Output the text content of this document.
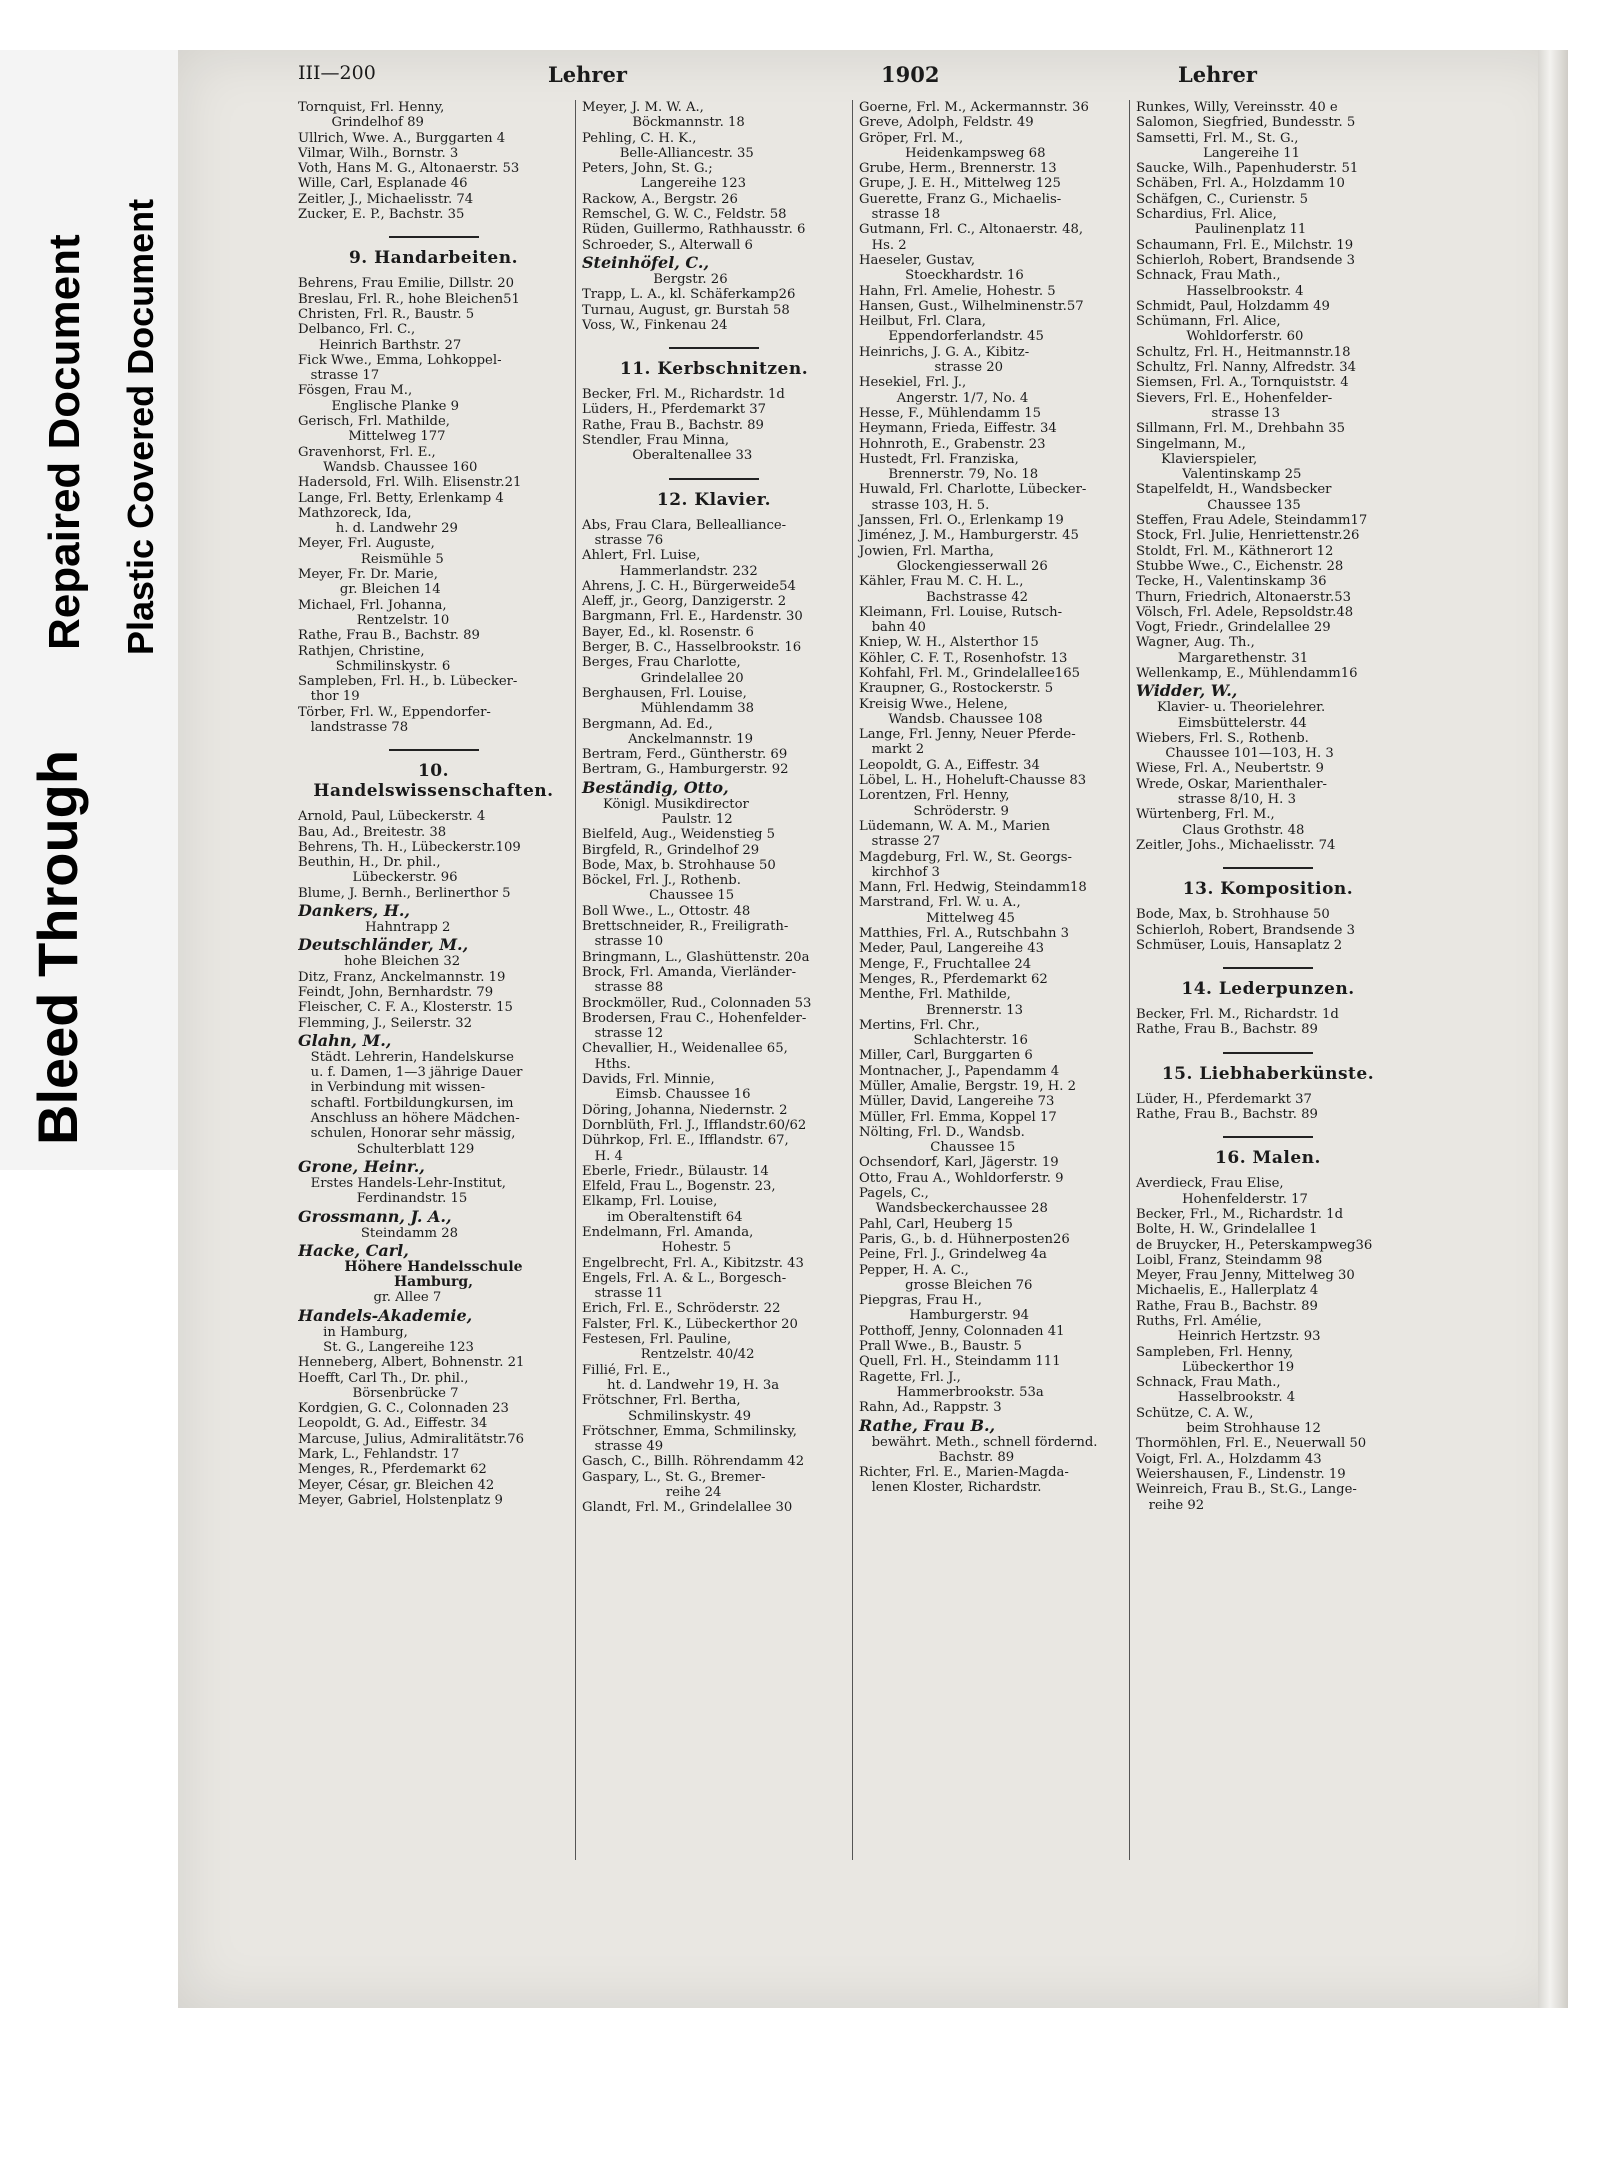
Bleed Through
Repaired Document Plastic Covered Document
III—200	Lehrer	1902	Lehrer
Tornquist, Frl. Henny,
Grindelhof 89
Ullrich, Wwe. A., Burggarten 4
Vilmar, Wilh., Bornstr. 3
Voth, Hans M. G., Altonaerstr. 53
Wille, Carl, Esplanade 46
Zeitler, J., Michaelisstr. 74
Zucker, E. P., Bachstr. 35
9. Handarbeiten.
Behrens, Frau Emilie, Dillstr. 20
Breslau, Frl. R., hohe Bleichen51
Christen, Frl. R., Baustr. 5
Delbanco, Frl. C.,
Heinrich Barthstr. 27
Fick Wwe., Emma, Lohkoppel-
strasse 17
Fösgen, Frau M.,
Englische Planke 9
Gerisch, Frl. Mathilde,
Mittelweg 177
Gravenhorst, Frl. E.,
Wandsb. Chaussee 160
Hadersold, Frl. Wilh. Elisenstr.21
Lange, Frl. Betty, Erlenkamp 4
Mathzoreck, Ida,
h. d. Landwehr 29
Meyer, Frl. Auguste,
Reismühle 5
Meyer, Fr. Dr. Marie,
gr. Bleichen 14
Michael, Frl. Johanna,
Rentzelstr. 10
Rathe, Frau B., Bachstr. 89
Rathjen, Christine,
Schmilinskystr. 6
Sampleben, Frl. H., b. Lübecker-
thor 19
Törber, Frl. W., Eppendorfer-
landstrasse 78
10. Handelswissenschaften.
Arnold, Paul, Lübeckerstr. 4
Bau, Ad., Breitestr. 38
Behrens, Th. H., Lübeckerstr.109
Beuthin, H., Dr. phil.,
Lübeckerstr. 96
Blume, J. Bernh., Berlinerthor 5
Dankers, H.,
Hahntrapp 2
Deutschländer, M.,
hohe Bleichen 32
Ditz, Franz, Anckelmannstr. 19
Feindt, John, Bernhardstr. 79
Fleischer, C. F. A., Klosterstr. 15
Flemming, J., Seilerstr. 32
Glahn, M.,
Städt. Lehrerin, Handelskurse
u. f. Damen, 1—3 jährige Dauer
in Verbindung mit wissen-
schaftl. Fortbildungkursen, im
Anschluss an höhere Mädchen-
schulen, Honorar sehr mässig,
Schulterblatt 129
Grone, Heinr.,
Erstes Handels-Lehr-Institut,
Ferdinandstr. 15
Grossmann, J. A.,
Steindamm 28
Hacke, Carl,
Höhere Handelsschule
Hamburg,
gr. Allee 7
Handels-Akademie,
in Hamburg,
St. G., Langereihe 123
Henneberg, Albert, Bohnenstr. 21
Hoefft, Carl Th., Dr. phil.,
Börsenbrücke 7
Kordgien, G. C., Colonnaden 23
Leopoldt, G. Ad., Eiffestr. 34
Marcuse, Julius, Admiralitätstr.76
Mark, L., Fehlandstr. 17
Menges, R., Pferdemarkt 62
Meyer, César, gr. Bleichen 42
Meyer, Gabriel, Holstenplatz 9
Meyer, J. M. W. A.,
Böckmannstr. 18
Pehling, C. H. K.,
Belle-Alliancestr. 35
Peters, John, St. G.;
Langereihe 123
Rackow, A., Bergstr. 26
Remschel, G. W. C., Feldstr. 58
Rüden, Guillermo, Rathhausstr. 6
Schroeder, S., Alterwall 6
Steinhöfel, C.,
Bergstr. 26
Trapp, L. A., kl. Schäferkamp26
Turnau, August, gr. Burstah 58
Voss, W., Finkenau 24
11. Kerbschnitzen.
Becker, Frl. M., Richardstr. 1d
Lüders, H., Pferdemarkt 37
Rathe, Frau B., Bachstr. 89
Stendler, Frau Minna,
Oberaltenallee 33
12. Klavier.
Abs, Frau Clara, Bellealliance-
strasse 76
Ahlert, Frl. Luise,
Hammerlandstr. 232
Ahrens, J. C. H., Bürgerweide54
Aleff, jr., Georg, Danzigerstr. 2
Bargmann, Frl. E., Hardenstr. 30
Bayer, Ed., kl. Rosenstr. 6
Berger, B. C., Hasselbrookstr. 16
Berges, Frau Charlotte,
Grindelallee 20
Berghausen, Frl. Louise,
Mühlendamm 38
Bergmann, Ad. Ed.,
Anckelmannstr. 19
Bertram, Ferd., Güntherstr. 69
Bertram, G., Hamburgerstr. 92
Beständig, Otto,
Königl. Musikdirector
Paulstr. 12
Bielfeld, Aug., Weidenstieg 5
Birgfeld, R., Grindelhof 29
Bode, Max, b. Strohhause 50
Böckel, Frl. J., Rothenb.
Chaussee 15
Boll Wwe., L., Ottostr. 48
Brettschneider, R., Freiligrath-
strasse 10
Bringmann, L., Glashüttenstr. 20a
Brock, Frl. Amanda, Vierländer-
strasse 88
Brockmöller, Rud., Colonnaden 53
Brodersen, Frau C., Hohenfelder-
strasse 12
Chevallier, H., Weidenallee 65,
Hths.
Davids, Frl. Minnie,
Eimsb. Chaussee 16
Döring, Johanna, Niedernstr. 2
Dornblüth, Frl. J., Ifflandstr.60/62
Dührkop, Frl. E., Ifflandstr. 67,
H. 4
Eberle, Friedr., Bülaustr. 14
Elfeld, Frau L., Bogenstr. 23,
Elkamp, Frl. Louise,
im Oberaltenstift 64
Endelmann, Frl. Amanda,
Hohestr. 5
Engelbrecht, Frl. A., Kibitzstr. 43
Engels, Frl. A. & L., Borgesch-
strasse 11
Erich, Frl. E., Schröderstr. 22
Falster, Frl. K., Lübeckerthor 20
Festesen, Frl. Pauline,
Rentzelstr. 40/42
Fillié, Frl. E.,
ht. d. Landwehr 19, H. 3a
Frötschner, Frl. Bertha,
Schmilinskystr. 49
Frötschner, Emma, Schmilinsky,
strasse 49
Gasch, C., Billh. Röhrendamm 42
Gaspary, L., St. G., Bremer-
reihe 24
Glandt, Frl. M., Grindelallee 30
Goerne, Frl. M., Ackermannstr. 36
Greve, Adolph, Feldstr. 49
Gröper, Frl. M.,
Heidenkampsweg 68
Grube, Herm., Brennerstr. 13
Grupe, J. E. H., Mittelweg 125
Guerette, Franz G., Michaelis-
strasse 18
Gutmann, Frl. C., Altonaerstr. 48,
Hs. 2
Haeseler, Gustav,
Stoeckhardstr. 16
Hahn, Frl. Amelie, Hohestr. 5
Hansen, Gust., Wilhelminenstr.57
Heilbut, Frl. Clara,
Eppendorferlandstr. 45
Heinrichs, J. G. A., Kibitz-
strasse 20
Hesekiel, Frl. J.,
Angerstr. 1/7, No. 4
Hesse, F., Mühlendamm 15
Heymann, Frieda, Eiffestr. 34
Hohnroth, E., Grabenstr. 23
Hustedt, Frl. Franziska,
Brennerstr. 79, No. 18
Huwald, Frl. Charlotte, Lübecker-
strasse 103, H. 5.
Janssen, Frl. O., Erlenkamp 19
Jiménez, J. M., Hamburgerstr. 45
Jowien, Frl. Martha,
Glockengiesserwall 26
Kähler, Frau M. C. H. L.,
Bachstrasse 42
Kleimann, Frl. Louise, Rutsch-
bahn 40
Kniep, W. H., Alsterthor 15
Köhler, C. F. T., Rosenhofstr. 13
Kohfahl, Frl. M., Grindelallee165
Kraupner, G., Rostockerstr. 5
Kreisig Wwe., Helene,
Wandsb. Chaussee 108
Lange, Frl. Jenny, Neuer Pferde-
markt 2
Leopoldt, G. A., Eiffestr. 34
Löbel, L. H., Hoheluft-Chausse 83
Lorentzen, Frl. Henny,
Schröderstr. 9
Lüdemann, W. A. M., Marien
strasse 27
Magdeburg, Frl. W., St. Georgs-
kirchhof 3
Mann, Frl. Hedwig, Steindamm18
Marstrand, Frl. W. u. A.,
Mittelweg 45
Matthies, Frl. A., Rutschbahn 3
Meder, Paul, Langereihe 43
Menge, F., Fruchtallee 24
Menges, R., Pferdemarkt 62
Menthe, Frl. Mathilde,
Brennerstr. 13
Mertins, Frl. Chr.,
Schlachterstr. 16
Miller, Carl, Burggarten 6
Montnacher, J., Papendamm 4
Müller, Amalie, Bergstr. 19, H. 2
Müller, David, Langereihe 73
Müller, Frl. Emma, Koppel 17
Nölting, Frl. D., Wandsb.
Chaussee 15
Ochsendorf, Karl, Jägerstr. 19
Otto, Frau A., Wohldorferstr. 9
Pagels, C.,
Wandsbeckerchaussee 28
Pahl, Carl, Heuberg 15
Paris, G., b. d. Hühnerposten26
Peine, Frl. J., Grindelweg 4a
Pepper, H. A. C.,
grosse Bleichen 76
Piepgras, Frau H.,
Hamburgerstr. 94
Potthoff, Jenny, Colonnaden 41
Prall Wwe., B., Baustr. 5
Quell, Frl. H., Steindamm 111
Ragette, Frl. J.,
Hammerbrookstr. 53a
Rahn, Ad., Rappstr. 3
Rathe, Frau B.,
bewährt. Meth., schnell fördernd.
Bachstr. 89
Richter, Frl. E., Marien-Magda-
lenen Kloster, Richardstr.
Runkes, Willy, Vereinsstr. 40 e
Salomon, Siegfried, Bundesstr. 5
Samsetti, Frl. M., St. G.,
Langereihe 11
Saucke, Wilh., Papenhuderstr. 51
Schäben, Frl. A., Holzdamm 10
Schäfgen, C., Curienstr. 5
Schardius, Frl. Alice,
Paulinenplatz 11
Schaumann, Frl. E., Milchstr. 19
Schierloh, Robert, Brandsende 3
Schnack, Frau Math.,
Hasselbrookstr. 4
Schmidt, Paul, Holzdamm 49
Schümann, Frl. Alice,
Wohldorferstr. 60
Schultz, Frl. H., Heitmannstr.18
Schultz, Frl. Nanny, Alfredstr. 34
Siemsen, Frl. A., Tornquiststr. 4
Sievers, Frl. E., Hohenfelder-
strasse 13
Sillmann, Frl. M., Drehbahn 35
Singelmann, M.,
Klavierspieler,
Valentinskamp 25
Stapelfeldt, H., Wandsbecker
Chaussee 135
Steffen, Frau Adele, Steindamm17
Stock, Frl. Julie, Henriettenstr.26
Stoldt, Frl. M., Käthnerort 12
Stubbe Wwe., C., Eichenstr. 28
Tecke, H., Valentinskamp 36
Thurn, Friedrich, Altonaerstr.53
Völsch, Frl. Adele, Repsoldstr.48
Vogt, Friedr., Grindelallee 29
Wagner, Aug. Th.,
Margarethenstr. 31
Wellenkamp, E., Mühlendamm16
Widder, W.,
Klavier- u. Theorielehrer.
Eimsbüttelerstr. 44
Wiebers, Frl. S., Rothenb.
Chaussee 101—103, H. 3
Wiese, Frl. A., Neubertstr. 9
Wrede, Oskar, Marienthaler-
strasse 8/10, H. 3
Würtenberg, Frl. M.,
Claus Grothstr. 48
Zeitler, Johs., Michaelisstr. 74
13. Komposition.
Bode, Max, b. Strohhause 50
Schierloh, Robert, Brandsende 3
Schmüser, Louis, Hansaplatz 2
14. Lederpunzen.
Becker, Frl. M., Richardstr. 1d
Rathe, Frau B., Bachstr. 89
15. Liebhaberkünste.
Lüder, H., Pferdemarkt 37
Rathe, Frau B., Bachstr. 89
16. Malen.
Averdieck, Frau Elise,
Hohenfelderstr. 17
Becker, Frl., M., Richardstr. 1d
Bolte, H. W., Grindelallee 1
de Bruycker, H., Peterskampweg36
Loibl, Franz, Steindamm 98
Meyer, Frau Jenny, Mittelweg 30
Michaelis, E., Hallerplatz 4
Rathe, Frau B., Bachstr. 89
Ruths, Frl. Amélie,
Heinrich Hertzstr. 93
Sampleben, Frl. Henny,
Lübeckerthor 19
Schnack, Frau Math.,
Hasselbrookstr. 4
Schütze, C. A. W.,
beim Strohhause 12
Thormöhlen, Frl. E., Neuerwall 50
Voigt, Frl. A., Holzdamm 43
Weiershausen, F., Lindenstr. 19
Weinreich, Frau B., St.G., Lange-
reihe 92
